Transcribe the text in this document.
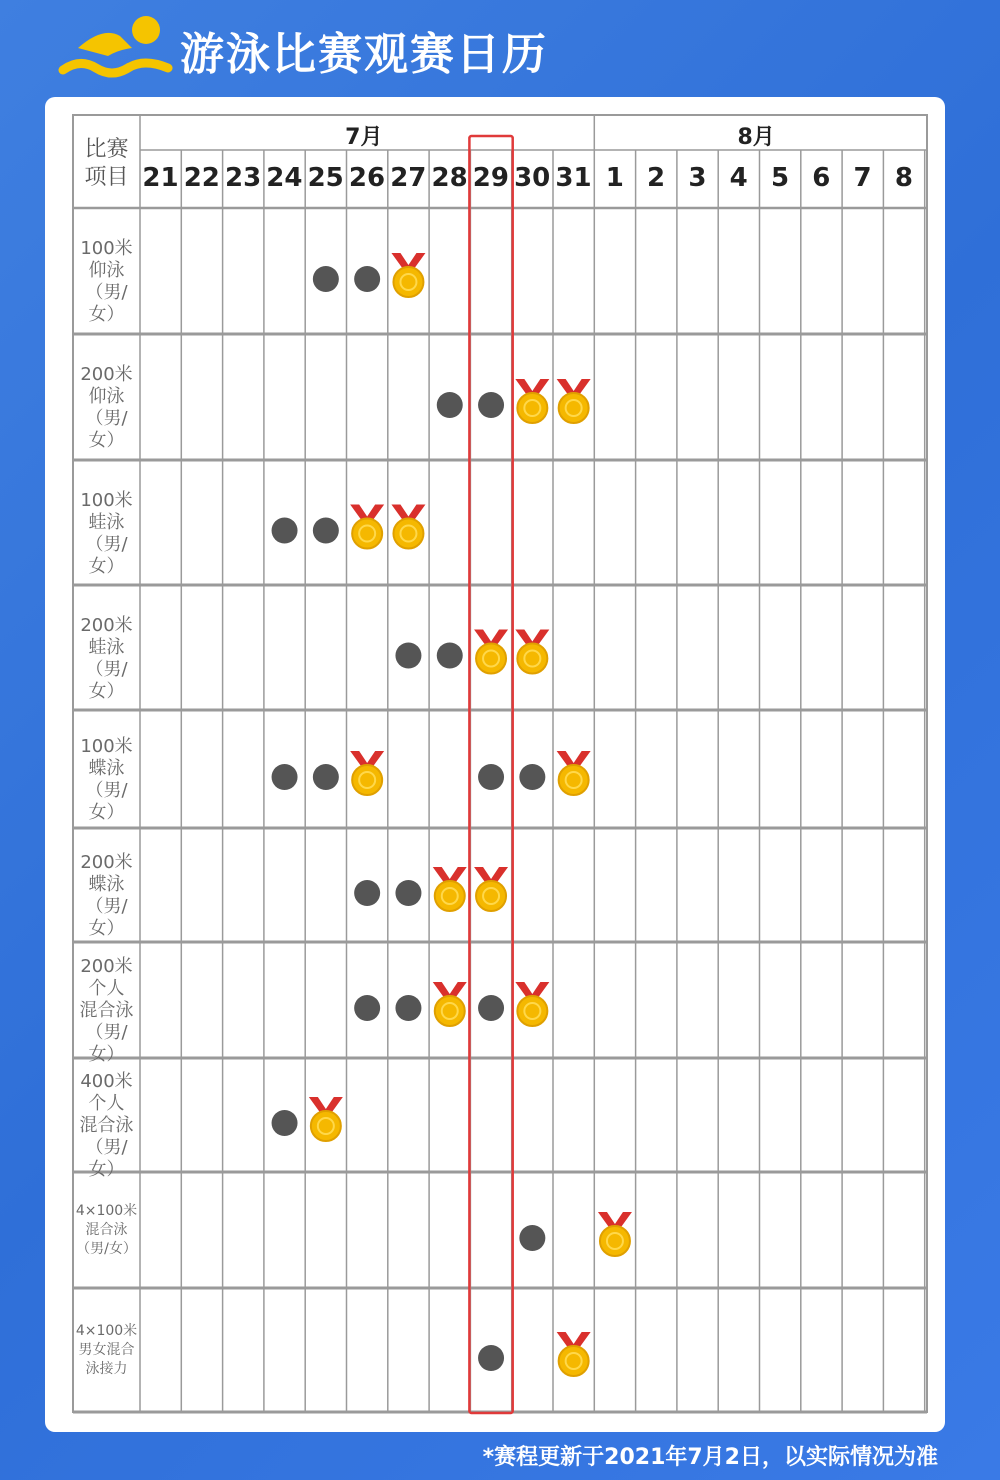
游泳比赛观赛日历
比赛
项目
7月	8月
21 22 23 24 25 26 27 28 29 30 31 1 2 3 4 5 6 7 8
100米
仰泳
（男/女）
200米
仰泳
（男/女）
100米
蛙泳
（男/女）
200米
蛙泳
（男/女）
100米
蝶泳
（男/女）
200米
蝶泳
（男/女）
200米
个人
混合泳
（男/女）
400米
个人
混合泳
（男/女）
4×100米
混合泳
（男/女）
4×100米
男女混合
泳接力
*赛程更新于2021年7月2日，以实际情况为准
